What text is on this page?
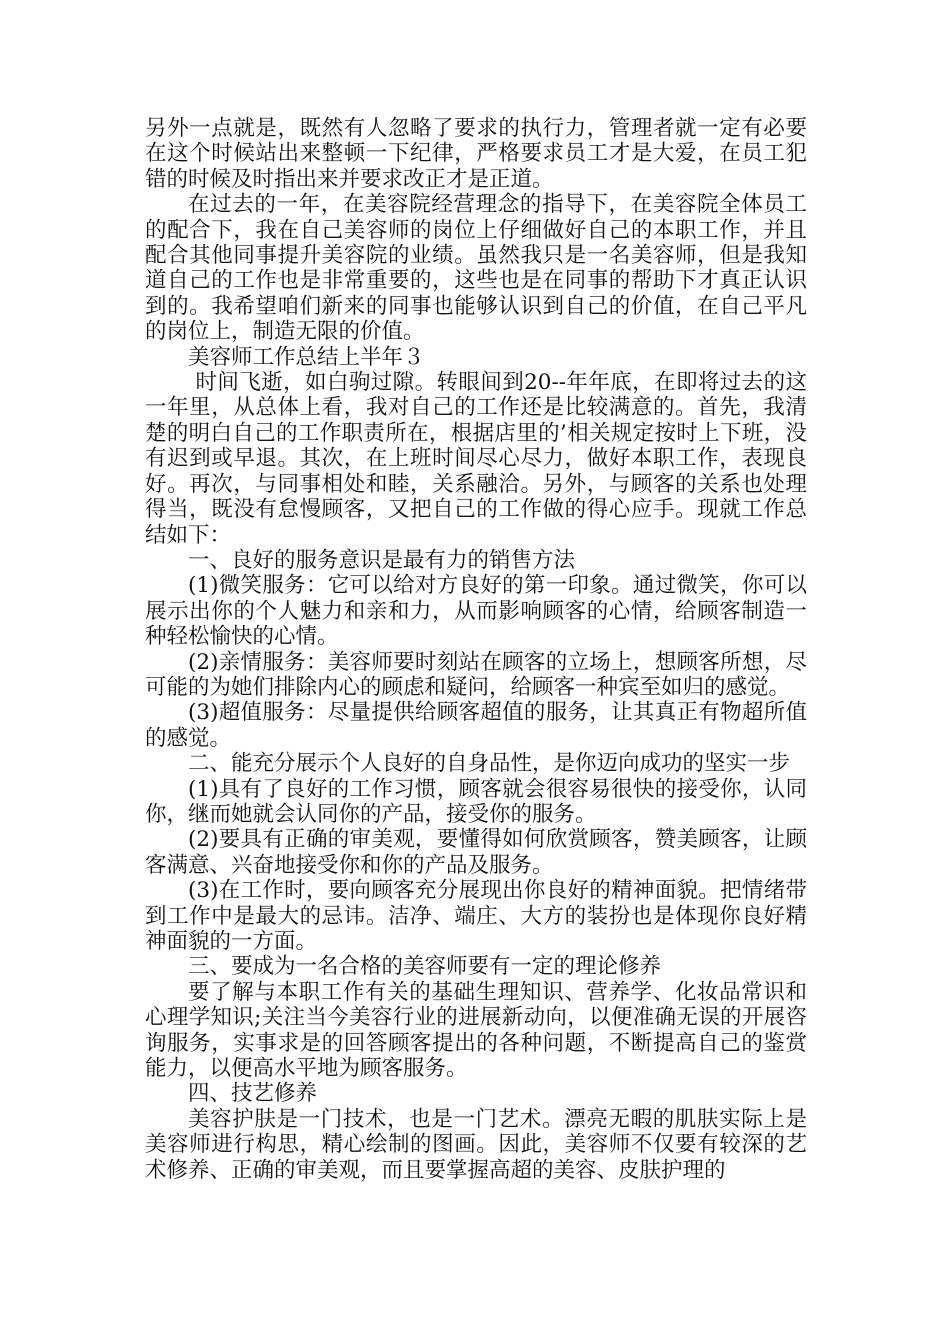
另外一点就是，既然有人忽略了要求的执行力，管理者就一定有必要在这个时候站出来整顿一下纪律，严格要求员工才是大爱，在员工犯错的时候及时指出来并要求改正才是正道。

在过去的一年，在美容院经营理念的指导下，在美容院全体员工的配合下，我在自己美容师的岗位上仔细做好自己的本职工作，并且配合其他同事提升美容院的业绩。虽然我只是一名美容师，但是我知道自己的工作也是非常重要的，这些也是在同事的帮助下才真正认识到的。我希望咱们新来的同事也能够认识到自己的价值，在自己平凡的岗位上，制造无限的价值。

美容师工作总结上半年３

时间飞逝，如白驹过隙。转眼间到20--年年底，在即将过去的这一年里，从总体上看，我对自己的工作还是比较满意的。首先，我清楚的明白自己的工作职责所在，根据店里的’相关规定按时上下班，没有迟到或早退。其次，在上班时间尽心尽力，做好本职工作，表现良好。再次，与同事相处和睦，关系融洽。另外，与顾客的关系也处理得当，既没有怠慢顾客，又把自己的工作做的得心应手。现就工作总结如下：

一、良好的服务意识是最有力的销售方法

(1)微笑服务：它可以给对方良好的第一印象。通过微笑，你可以展示出你的个人魅力和亲和力，从而影响顾客的心情，给顾客制造一种轻松愉快的心情。

(2)亲情服务：美容师要时刻站在顾客的立场上，想顾客所想，尽可能的为她们排除内心的顾虑和疑问，给顾客一种宾至如归的感觉。

(3)超值服务：尽量提供给顾客超值的服务，让其真正有物超所值的感觉。

二、能充分展示个人良好的自身品性，是你迈向成功的坚实一步

(1)具有了良好的工作习惯，顾客就会很容易很快的接受你，认同你，继而她就会认同你的产品，接受你的服务。

(2)要具有正确的审美观，要懂得如何欣赏顾客，赞美顾客，让顾客满意、兴奋地接受你和你的产品及服务。

(3)在工作时，要向顾客充分展现出你良好的精神面貌。把情绪带到工作中是最大的忌讳。洁净、端庄、大方的装扮也是体现你良好精神面貌的一方面。

三、要成为一名合格的美容师要有一定的理论修养

要了解与本职工作有关的基础生理知识、营养学、化妆品常识和心理学知识;关注当今美容行业的进展新动向，以便准确无误的开展咨询服务，实事求是的回答顾客提出的各种问题，不断提高自己的鉴赏能力，以便高水平地为顾客服务。

四、技艺修养

美容护肤是一门技术，也是一门艺术。漂亮无暇的肌肤实际上是美容师进行构思，精心绘制的图画。因此，美容师不仅要有较深的艺术修养、正确的审美观，而且要掌握高超的美容、皮肤护理的
